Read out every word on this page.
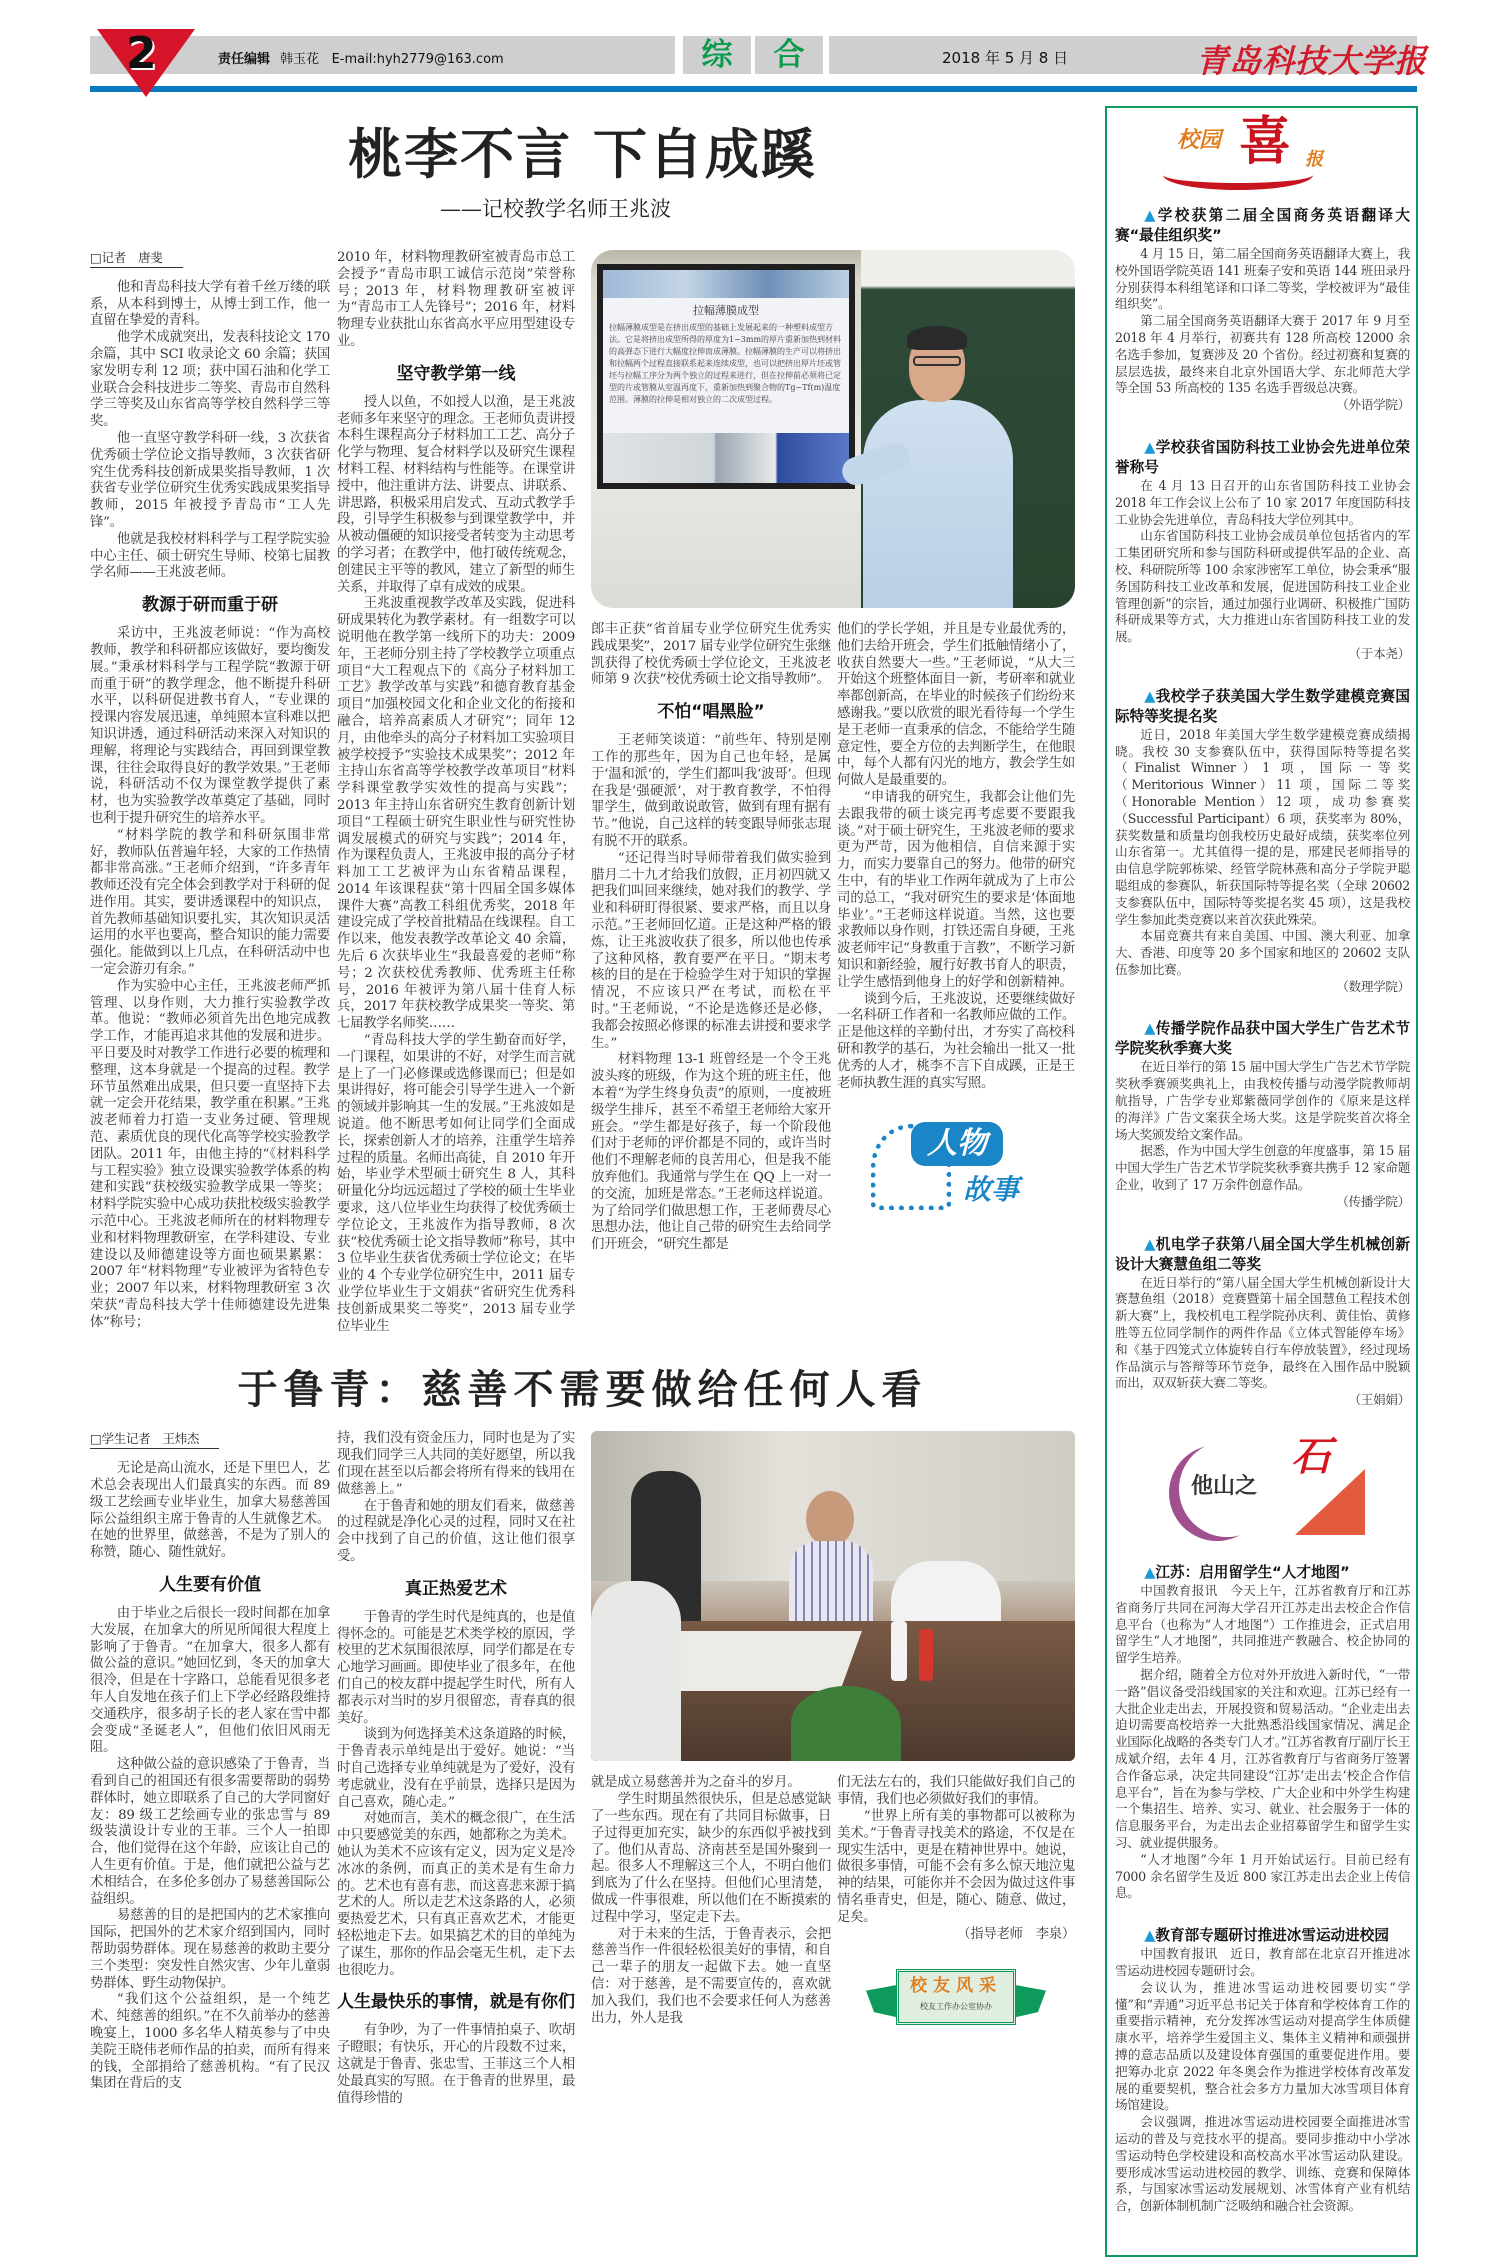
综	合
2	责任编辑 韩玉花 E-mail:hyh2779@163.com	2018 年 5 月 8 日	青岛科技大学报
桃李不言 下自成蹊
——记校教学名师王兆波
□记者　唐斐

他和青岛科技大学有着千丝万缕的联系，从本科到博士，从博士到工作，他一直留在挚爱的青科。

他学术成就突出，发表科技论文 170 余篇，其中 SCI 收录论文 60 余篇；获国家发明专利 12 项；获中国石油和化学工业联合会科技进步二等奖、青岛市自然科学三等奖及山东省高等学校自然科学三等奖。

他一直坚守教学科研一线，3 次获省优秀硕士学位论文指导教师，3 次获省研究生优秀科技创新成果奖指导教师，1 次获省专业学位研究生优秀实践成果奖指导教师，2015 年被授予青岛市“工人先锋”。

他就是我校材料科学与工程学院实验中心主任、硕士研究生导师、校第七届教学名师——王兆波老师。

教源于研而重于研

采访中，王兆波老师说：“作为高校教师，教学和科研都应该做好，要均衡发展。”秉承材料科学与工程学院“教源于研而重于研”的教学理念，他不断提升科研水平，以科研促进教书育人，“专业课的授课内容发展迅速，单纯照本宣科难以把知识讲透，通过科研活动来深入对知识的理解，将理论与实践结合，再回到课堂教课，往往会取得良好的教学效果。”王老师说，科研活动不仅为课堂教学提供了素材，也为实验教学改革奠定了基础，同时也利于提升研究生的培养水平。

“材料学院的教学和科研氛围非常好，教师队伍普遍年轻，大家的工作热情都非常高涨。”王老师介绍到，“许多青年教师还没有完全体会到教学对于科研的促进作用。其实，要讲透课程中的知识点，首先教师基础知识要扎实，其次知识灵活运用的水平也要高，整合知识的能力需要强化。能做到以上几点，在科研活动中也一定会游刃有余。”

作为实验中心主任，王兆波老师严抓管理、以身作则，大力推行实验教学改革。他说：“教师必须首先出色地完成教学工作，才能再追求其他的发展和进步。平日要及时对教学工作进行必要的梳理和整理，这本身就是一个提高的过程。教学环节虽然难出成果，但只要一直坚持下去就一定会开花结果，教学重在积累。”王兆波老师着力打造一支业务过硬、管理规范、素质优良的现代化高等学校实验教学团队。2011 年，由他主持的“《材料科学与工程实验》独立设课实验教学体系的构建和实践”获校级实验教学成果一等奖；材料学院实验中心成功获批校级实验教学示范中心。王兆波老师所在的材料物理专业和材料物理教研室，在学科建设、专业建设以及师德建设等方面也硕果累累：2007 年“材料物理”专业被评为省特色专业；2007 年以来，材料物理教研室 3 次荣获“青岛科技大学十佳师德建设先进集体”称号；

2010 年，材料物理教研室被青岛市总工会授予“青岛市职工诚信示范岗”荣誉称号；2013 年，材料物理教研室被评为“青岛市工人先锋号”；2016 年，材料物理专业获批山东省高水平应用型建设专业。

坚守教学第一线

授人以鱼，不如授人以渔，是王兆波老师多年来坚守的理念。王老师负责讲授本科生课程高分子材料加工工艺、高分子化学与物理、复合材料学以及研究生课程材料工程、材料结构与性能等。在课堂讲授中，他注重讲方法、讲要点、讲联系、讲思路，积极采用启发式、互动式教学手段，引导学生积极参与到课堂教学中，并从被动僵硬的知识接受者转变为主动思考的学习者；在教学中，他打破传统观念，创建民主平等的教风，建立了新型的师生关系，并取得了卓有成效的成果。

王兆波重视教学改革及实践，促进科研成果转化为教学素材。有一组数字可以说明他在教学第一线所下的功夫：2009 年，王老师分别主持了学校教学立项重点项目“大工程观点下的《高分子材料加工工艺》教学改革与实践”和德育教育基金项目“加强校园文化和企业文化的衔接和融合，培养高素质人才研究”；同年 12 月，由他牵头的高分子材料加工实验项目被学校授予“实验技术成果奖”；2012 年主持山东省高等学校教学改革项目“材料学科课堂教学实效性的提高与实践”；2013 年主持山东省研究生教育创新计划项目“工程硕士研究生职业性与研究性协调发展模式的研究与实践”；2014 年，作为课程负责人，王兆波申报的高分子材料加工工艺被评为山东省精品课程，2014 年该课程获“第十四届全国多媒体课件大赛”高教工科组优秀奖，2018 年建设完成了学校首批精品在线课程。自工作以来，他发表教学改革论文 40 余篇，先后 6 次获毕业生“我最喜爱的老师”称号；2 次获校优秀教师、优秀班主任称号，2016 年被评为第八届十佳育人标兵，2017 年获校教学成果奖一等奖、第七届教学名师奖……

“青岛科技大学的学生勤奋而好学，一门课程，如果讲的不好，对学生而言就是上了一门必修课或选修课而已；但是如果讲得好，将可能会引导学生进入一个新的领域并影响其一生的发展。”王兆波如是说道。他不断思考如何让同学们全面成长，探索创新人才的培养，注重学生培养过程的质量。名师出高徒，自 2010 年开始，毕业学术型硕士研究生 8 人，其科研量化分均远远超过了学校的硕士生毕业要求，这八位毕业生均获得了校优秀硕士学位论文，王兆波作为指导教师，8 次获“校优秀硕士论文指导教师”称号，其中 3 位毕业生获省优秀硕士学位论文；在毕业的 4 个专业学位研究生中，2011 届专业学位毕业生于文娟获“省研究生优秀科技创新成果奖二等奖”，2013 届专业学位毕业生

拉幅薄膜成型
拉幅薄膜成型是在挤出成型的基础上发展起来的一种塑料成型方法。它是将挤出成型所得的厚度为1~3mm的厚片重新加热到材料的高弹态下进行大幅度拉伸而成薄膜。拉幅薄膜的生产可以将挤出和拉幅两个过程直接联系起来连续成型，也可以把挤出厚片坯或管坯与拉幅工序分为两个独立的过程来进行，但在拉伸前必须将已定型的片或管膜从室温再度下，重新加热到聚合物的Tg~Tf(m)温度范围。薄膜的拉伸是相对独立的二次成型过程。

郎丰正获“省首届专业学位研究生优秀实践成果奖”，2017 届专业学位研究生张继凯获得了校优秀硕士学位论文，王兆波老师第 9 次获“校优秀硕士论文指导教师”。

不怕“唱黑脸”

王老师笑谈道：“前些年、特别是刚工作的那些年，因为自己也年轻，是属于‘温和派’的，学生们都叫我‘波哥’。但现在我是‘强硬派’，对于教育教学，不怕得罪学生，做到敢说敢管，做到有理有据有节。”他说，自己这样的转变跟导师张志琨有脱不开的联系。

“还记得当时导师带着我们做实验到腊月二十九才给我们放假，正月初四就又把我们叫回来继续，她对我们的教学、学业和科研盯得很紧、要求严格，而且以身示范。”王老师回忆道。正是这种严格的锻炼，让王兆波收获了很多，所以他也传承了这种风格，教育要严在平日。“期末考核的目的是在于检验学生对于知识的掌握情况，不应该只严在考试，而松在平时。”王老师说，“不论是选修还是必修，我都会按照必修课的标准去讲授和要求学生。”

材料物理 13-1 班曾经是一个令王兆波头疼的班级，作为这个班的班主任，他本着“为学生终身负责”的原则，一度被班级学生排斥，甚至不希望王老师给大家开班会。“学生都是好孩子，每一个阶段他们对于老师的评价都是不同的，或许当时他们不理解老师的良苦用心，但是我不能放弃他们。我通常与学生在 QQ 上一对一的交流，加班是常态。”王老师这样说道。为了给同学们做思想工作，王老师费尽心思想办法，他让自己带的研究生去给同学们开班会，“研究生都是

他们的学长学姐，并且是专业最优秀的，他们去给开班会，学生们抵触情绪小了，收获自然要大一些。”王老师说，“从大三开始这个班整体面目一新，考研率和就业率都创新高，在毕业的时候孩子们纷纷来感谢我。”要以欣赏的眼光看待每一个学生是王老师一直秉承的信念，不能给学生随意定性，要全方位的去判断学生，在他眼中，每个人都有闪光的地方，教会学生如何做人是最重要的。

“申请我的研究生，我都会让他们先去跟我带的硕士谈完再考虑要不要跟我谈。”对于硕士研究生，王兆波老师的要求更为严苛，因为他相信，自信来源于实力，而实力要靠自己的努力。他带的研究生中，有的毕业工作两年就成为了上市公司的总工，“我对研究生的要求是‘体面地毕业’。”王老师这样说道。当然，这也要求教师以身作则，打铁还需自身硬，王兆波老师牢记“身教重于言教”，不断学习新知识和新经验，履行好教书育人的职责，让学生感悟到他身上的好学和创新精神。

谈到今后，王兆波说，还要继续做好一名科研工作者和一名教师应做的工作。正是他这样的辛勤付出，才夯实了高校科研和教学的基石，为社会输出一批又一批优秀的人才，桃李不言下自成蹊，正是王老师执教生涯的真实写照。

人物
故事
于鲁青：慈善不需要做给任何人看
□学生记者　王炜杰

无论是高山流水，还是下里巴人，艺术总会表现出人们最真实的东西。而 89 级工艺绘画专业毕业生，加拿大易慈善国际公益组织主席于鲁青的人生就像艺术。在她的世界里，做慈善，不是为了别人的称赞，随心、随性就好。

人生要有价值

由于毕业之后很长一段时间都在加拿大发展，在加拿大的所见所闻很大程度上影响了于鲁青。“在加拿大，很多人都有做公益的意识。”她回忆到，冬天的加拿大很冷，但是在十字路口，总能看见很多老年人自发地在孩子们上下学必经路段维持交通秩序，很多胡子长的老人家在雪中都会变成“圣诞老人”，但他们依旧风雨无阻。

这种做公益的意识感染了于鲁青，当看到自己的祖国还有很多需要帮助的弱势群体时，她立即联系了自己的大学同窗好友：89 级工艺绘画专业的张忠雪与 89 级装潢设计专业的王菲。三个人一拍即合，他们觉得在这个年龄，应该让自己的人生更有价值。于是，他们就把公益与艺术相结合，在多伦多创办了易慈善国际公益组织。

易慈善的目的是把国内的艺术家推向国际，把国外的艺术家介绍到国内，同时帮助弱势群体。现在易慈善的救助主要分三个类型：突发性自然灾害、少年儿童弱势群体、野生动物保护。

“我们这个公益组织，是一个纯艺术、纯慈善的组织。”在不久前举办的慈善晚宴上，1000 多名华人精英参与了中央美院王晓伟老师作品的拍卖，而所有得来的钱，全部捐给了慈善机构。“有了民汉集团在背后的支

持，我们没有资金压力，同时也是为了实现我们同学三人共同的美好愿望，所以我们现在甚至以后都会将所有得来的钱用在做慈善上。”

在于鲁青和她的朋友们看来，做慈善的过程就是净化心灵的过程，同时又在社会中找到了自己的价值，这让他们很享受。

真正热爱艺术

于鲁青的学生时代是纯真的，也是值得怀念的。可能是艺术类学校的原因，学校里的艺术氛围很浓厚，同学们都是在专心地学习画画。即使毕业了很多年，在他们自己的校友群中提起学生时代，所有人都表示对当时的岁月很留恋，青春真的很美好。

谈到为何选择美术这条道路的时候，于鲁青表示单纯是出于爱好。她说：“当时自己选择专业单纯就是为了爱好，没有考虑就业，没有在乎前景，选择只是因为自己喜欢，随心走。”

对她而言，美术的概念很广，在生活中只要感觉美的东西，她都称之为美术。她认为美术不应该有定义，因为定义是冷冰冰的条例，而真正的美术是有生命力的。艺术也有喜有悲，而这喜悲来源于搞艺术的人。所以走艺术这条路的人，必须要热爱艺术，只有真正喜欢艺术，才能更轻松地走下去。如果搞艺术的目的单纯为了谋生，那你的作品会毫无生机，走下去也很吃力。

人生最快乐的事情，就是有你们

有争吵，为了一件事情拍桌子、吹胡子瞪眼；有快乐，开心的片段数不过来，这就是于鲁青、张忠雪、王菲这三个人相处最真实的写照。在于鲁青的世界里，最值得珍惜的

就是成立易慈善并为之奋斗的岁月。

学生时期虽然很快乐，但是总感觉缺了一些东西。现在有了共同目标做事，日子过得更加充实，缺少的东西似乎被找到了。他们从青岛、济南甚至是国外聚到一起。很多人不理解这三个人，不明白他们到底为了什么在坚持。但他们心里清楚，做成一件事很难，所以他们在不断摸索的过程中学习，坚定走下去。

对于未来的生活，于鲁青表示，会把慈善当作一件很轻松很美好的事情，和自己一辈子的朋友一起做下去。她一直坚信：对于慈善，是不需要宣传的，喜欢就加入我们，我们也不会要求任何人为慈善出力，外人是我

们无法左右的，我们只能做好我们自己的事情，我们也必须做好我们的事情。

“世界上所有美的事物都可以被称为美术。”于鲁青寻找美术的路途，不仅是在现实生活中，更是在精神世界中。她说，做很多事情，可能不会有多么惊天地泣鬼神的结果，可能你并不会因为做过这件事情名垂青史，但是，随心、随意、做过，足矣。

（指导老师　李泉）

校友风采
校友工作办公室协办
校园 喜 报
▲学校获第二届全国商务英语翻译大赛“最佳组织奖”

4 月 15 日，第二届全国商务英语翻译大赛上，我校外国语学院英语 141 班秦子安和英语 144 班田录丹分别获得本科组笔译和口译二等奖，学校被评为“最佳组织奖”。

第二届全国商务英语翻译大赛于 2017 年 9 月至 2018 年 4 月举行，初赛共有 128 所高校 12000 余名选手参加，复赛涉及 20 个省份。经过初赛和复赛的层层选拔，最终来自北京外国语大学、东北师范大学等全国 53 所高校的 135 名选手晋级总决赛。

（外语学院）

▲学校获省国防科技工业协会先进单位荣誉称号

在 4 月 13 日召开的山东省国防科技工业协会 2018 年工作会议上公布了 10 家 2017 年度国防科技工业协会先进单位，青岛科技大学位列其中。

山东省国防科技工业协会成员单位包括省内的军工集团研究所和参与国防科研或提供军品的企业、高校、科研院所等 100 余家涉密军工单位，协会秉承“服务国防科技工业改革和发展，促进国防科技工业企业管理创新”的宗旨，通过加强行业调研、积极推广国防科研成果等方式，大力推进山东省国防科技工业的发展。

（于本尧）

▲我校学子获美国大学生数学建模竞赛国际特等奖提名奖

近日，2018 年美国大学生数学建模竞赛成绩揭晓。我校 30 支参赛队伍中，获得国际特等提名奖（Finalist Winner）1 项，国际一等奖（Meritorious Winner）11 项，国际二等奖（Honorable Mention）12 项，成功参赛奖（Successful Participant）6 项，获奖率为 80%，获奖数量和质量均创我校历史最好成绩，获奖率位列山东省第一。尤其值得一提的是，邢建民老师指导的由信息学院郭栋梁、经管学院林燕和高分子学院尹聪聪组成的参赛队，斩获国际特等提名奖（全球 20602 支参赛队伍中，国际特等奖提名奖 45 项），这是我校学生参加此类竞赛以来首次获此殊荣。

本届竞赛共有来自美国、中国、澳大利亚、加拿大、香港、印度等 20 多个国家和地区的 20602 支队伍参加比赛。

（数理学院）

▲传播学院作品获中国大学生广告艺术节学院奖秋季赛大奖

在近日举行的第 15 届中国大学生广告艺术节学院奖秋季赛颁奖典礼上，由我校传播与动漫学院教师胡航指导，广告学专业郑紫薇同学创作的《原来是这样的海洋》广告文案获全场大奖。这是学院奖首次将全场大奖颁发给文案作品。

据悉，作为中国大学生创意的年度盛事，第 15 届中国大学生广告艺术节学院奖秋季赛共携手 12 家命题企业，收到了 17 万余件创意作品。

（传播学院）

▲机电学子获第八届全国大学生机械创新设计大赛慧鱼组二等奖

在近日举行的“第八届全国大学生机械创新设计大赛慧鱼组（2018）竞赛暨第十届全国慧鱼工程技术创新大赛”上，我校机电工程学院孙庆利、黄佳怡、黄修胜等五位同学制作的两件作品《立体式智能停车场》和《基于四笼式立体旋转自行车停放装置》，经过现场作品演示与答辩等环节竞争，最终在入围作品中脱颖而出，双双斩获大赛二等奖。

（王娟娟）

他山之
石
▲江苏：启用留学生“人才地图”

中国教育报讯　今天上午，江苏省教育厅和江苏省商务厅共同在河海大学召开江苏走出去校企合作信息平台（也称为“人才地图”）工作推进会，正式启用留学生“人才地图”，共同推进产教融合、校企协同的留学生培养。

据介绍，随着全方位对外开放进入新时代，“一带一路”倡议备受沿线国家的关注和欢迎。江苏已经有一大批企业走出去，开展投资和贸易活动。“企业走出去迫切需要高校培养一大批熟悉沿线国家情况、满足企业国际化战略的各类专门人才。”江苏省教育厅副厅长王成斌介绍，去年 4 月，江苏省教育厅与省商务厅签署合作备忘录，决定共同建设“江苏‘走出去’校企合作信息平台”，旨在为参与学校、广大企业和中外学生构建一个集招生、培养、实习、就业、社会服务于一体的信息服务平台，为走出去企业招募留学生和留学生实习、就业提供服务。

“人才地图”今年 1 月开始试运行。目前已经有 7000 余名留学生及近 800 家江苏走出去企业上传信息。

▲教育部专题研讨推进冰雪运动进校园

中国教育报讯　近日，教育部在北京召开推进冰雪运动进校园专题研讨会。

会议认为，推进冰雪运动进校园要切实“学懂”和“弄通”习近平总书记关于体育和学校体育工作的重要指示精神，充分发挥冰雪运动对提高学生体质健康水平，培养学生爱国主义、集体主义精神和顽强拼搏的意志品质以及建设体育强国的重要促进作用。要把筹办北京 2022 年冬奥会作为推进学校体育改革发展的重要契机，整合社会多方力量加大冰雪项目体育场馆建设。

会议强调，推进冰雪运动进校园要全面推进冰雪运动的普及与竞技水平的提高。要同步推动中小学冰雪运动特色学校建设和高校高水平冰雪运动队建设。要形成冰雪运动进校园的教学、训练、竞赛和保障体系，与国家冰雪运动发展规划、冰雪体育产业有机结合，创新体制机制广泛吸纳和融合社会资源。
